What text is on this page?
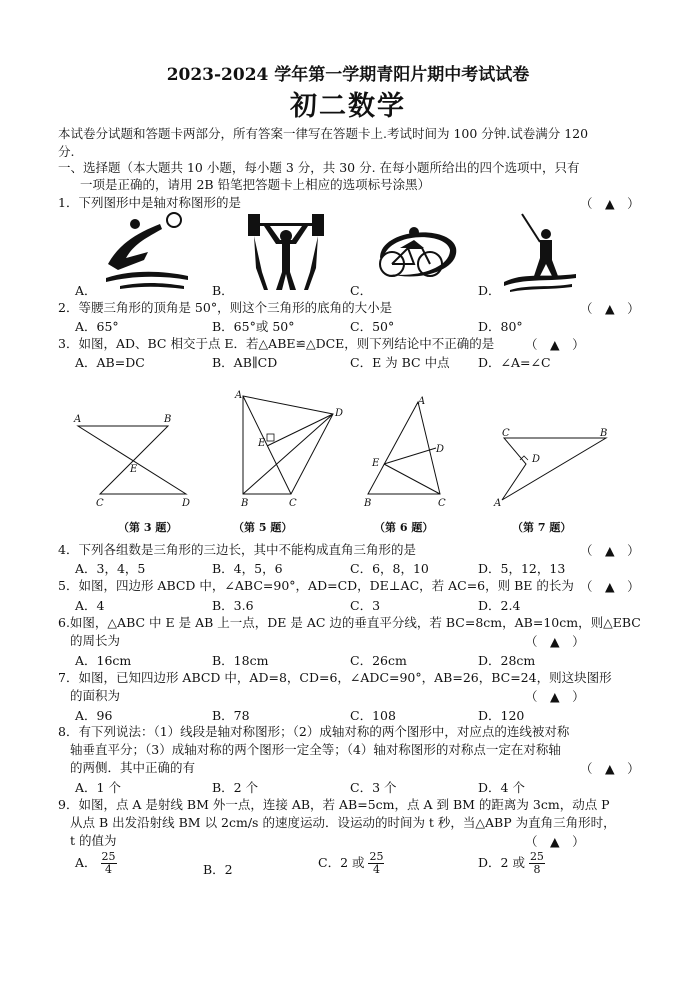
2023-2024 学年第一学期青阳片期中考试试卷
初二数学
本试卷分试题和答题卡两部分，所有答案一律写在答题卡上.考试时间为 100 分钟.试卷满分 120
分.
一、选择题（本大题共 10 小题，每小题 3 分，共 30 分. 在每小题所给出的四个选项中，只有
一项是正确的，请用 2B 铅笔把答题卡上相应的选项标号涂黑）
1．下列图形中是轴对称图形的是	（　▲　）
A．	B．	C．	D．
2．等腰三角形的顶角是 50°，则这个三角形的底角的大小是	（　▲　）
A．65°	B．65°或 50°	C．50°	D．80°
3．如图，AD、BC 相交于点 E．若△ABE≌△DCE，则下列结论中不正确的是 （　▲　）
A．AB=DC	B．AB∥CD	C．E 为 BC 中点 D．∠A=∠C
A	B
E
C	D
A
D
E
B	C
A
D
E
B	C
C	B
D
A
（第 3 题）	（第 5 题）	（第 6 题）	（第 7 题）
4．下列各组数是三角形的三边长，其中不能构成直角三角形的是	（　▲　）
A．3，4，5	B．4，5，6	C．6，8，10	D．5，12，13
5．如图，四边形 ABCD 中，∠ABC=90°，AD=CD，DE⊥AC，若 AC=6，则 BE 的长为 （　▲　）
A．4	B．3.6	C．3	D．2.4
6.如图，△ABC 中 E 是 AB 上一点，DE 是 AC 边的垂直平分线，若 BC=8cm，AB=10cm，则△EBC
的周长为	（　▲　）
A．16cm	B．18cm	C．26cm	D．28cm
7．如图，已知四边形 ABCD 中，AD=8，CD=6，∠ADC=90°，AB=26，BC=24，则这块图形
的面积为	（　▲　）
A．96	B．78	C．108	D．120
8．有下列说法：（1）线段是轴对称图形；（2）成轴对称的两个图形中，对应点的连线被对称
轴垂直平分；（3）成轴对称的两个图形一定全等；（4）轴对称图形的对称点一定在对称轴
的两侧．其中正确的有	（　▲　）
A．1 个	B．2 个	C．3 个	D．4 个
9．如图，点 A 是射线 BM 外一点，连接 AB，若 AB=5cm，点 A 到 BM 的距离为 3cm，动点 P
从点 B 出发沿射线 BM 以 2cm/s 的速度运动．设运动的时间为 t 秒，当△ABP 为直角三角形时，
t 的值为	（　▲　）
A． $\frac{25}{4}$	B．2	C．2 或 $\frac{25}{4}$	D．2 或 $\frac{25}{8}$
